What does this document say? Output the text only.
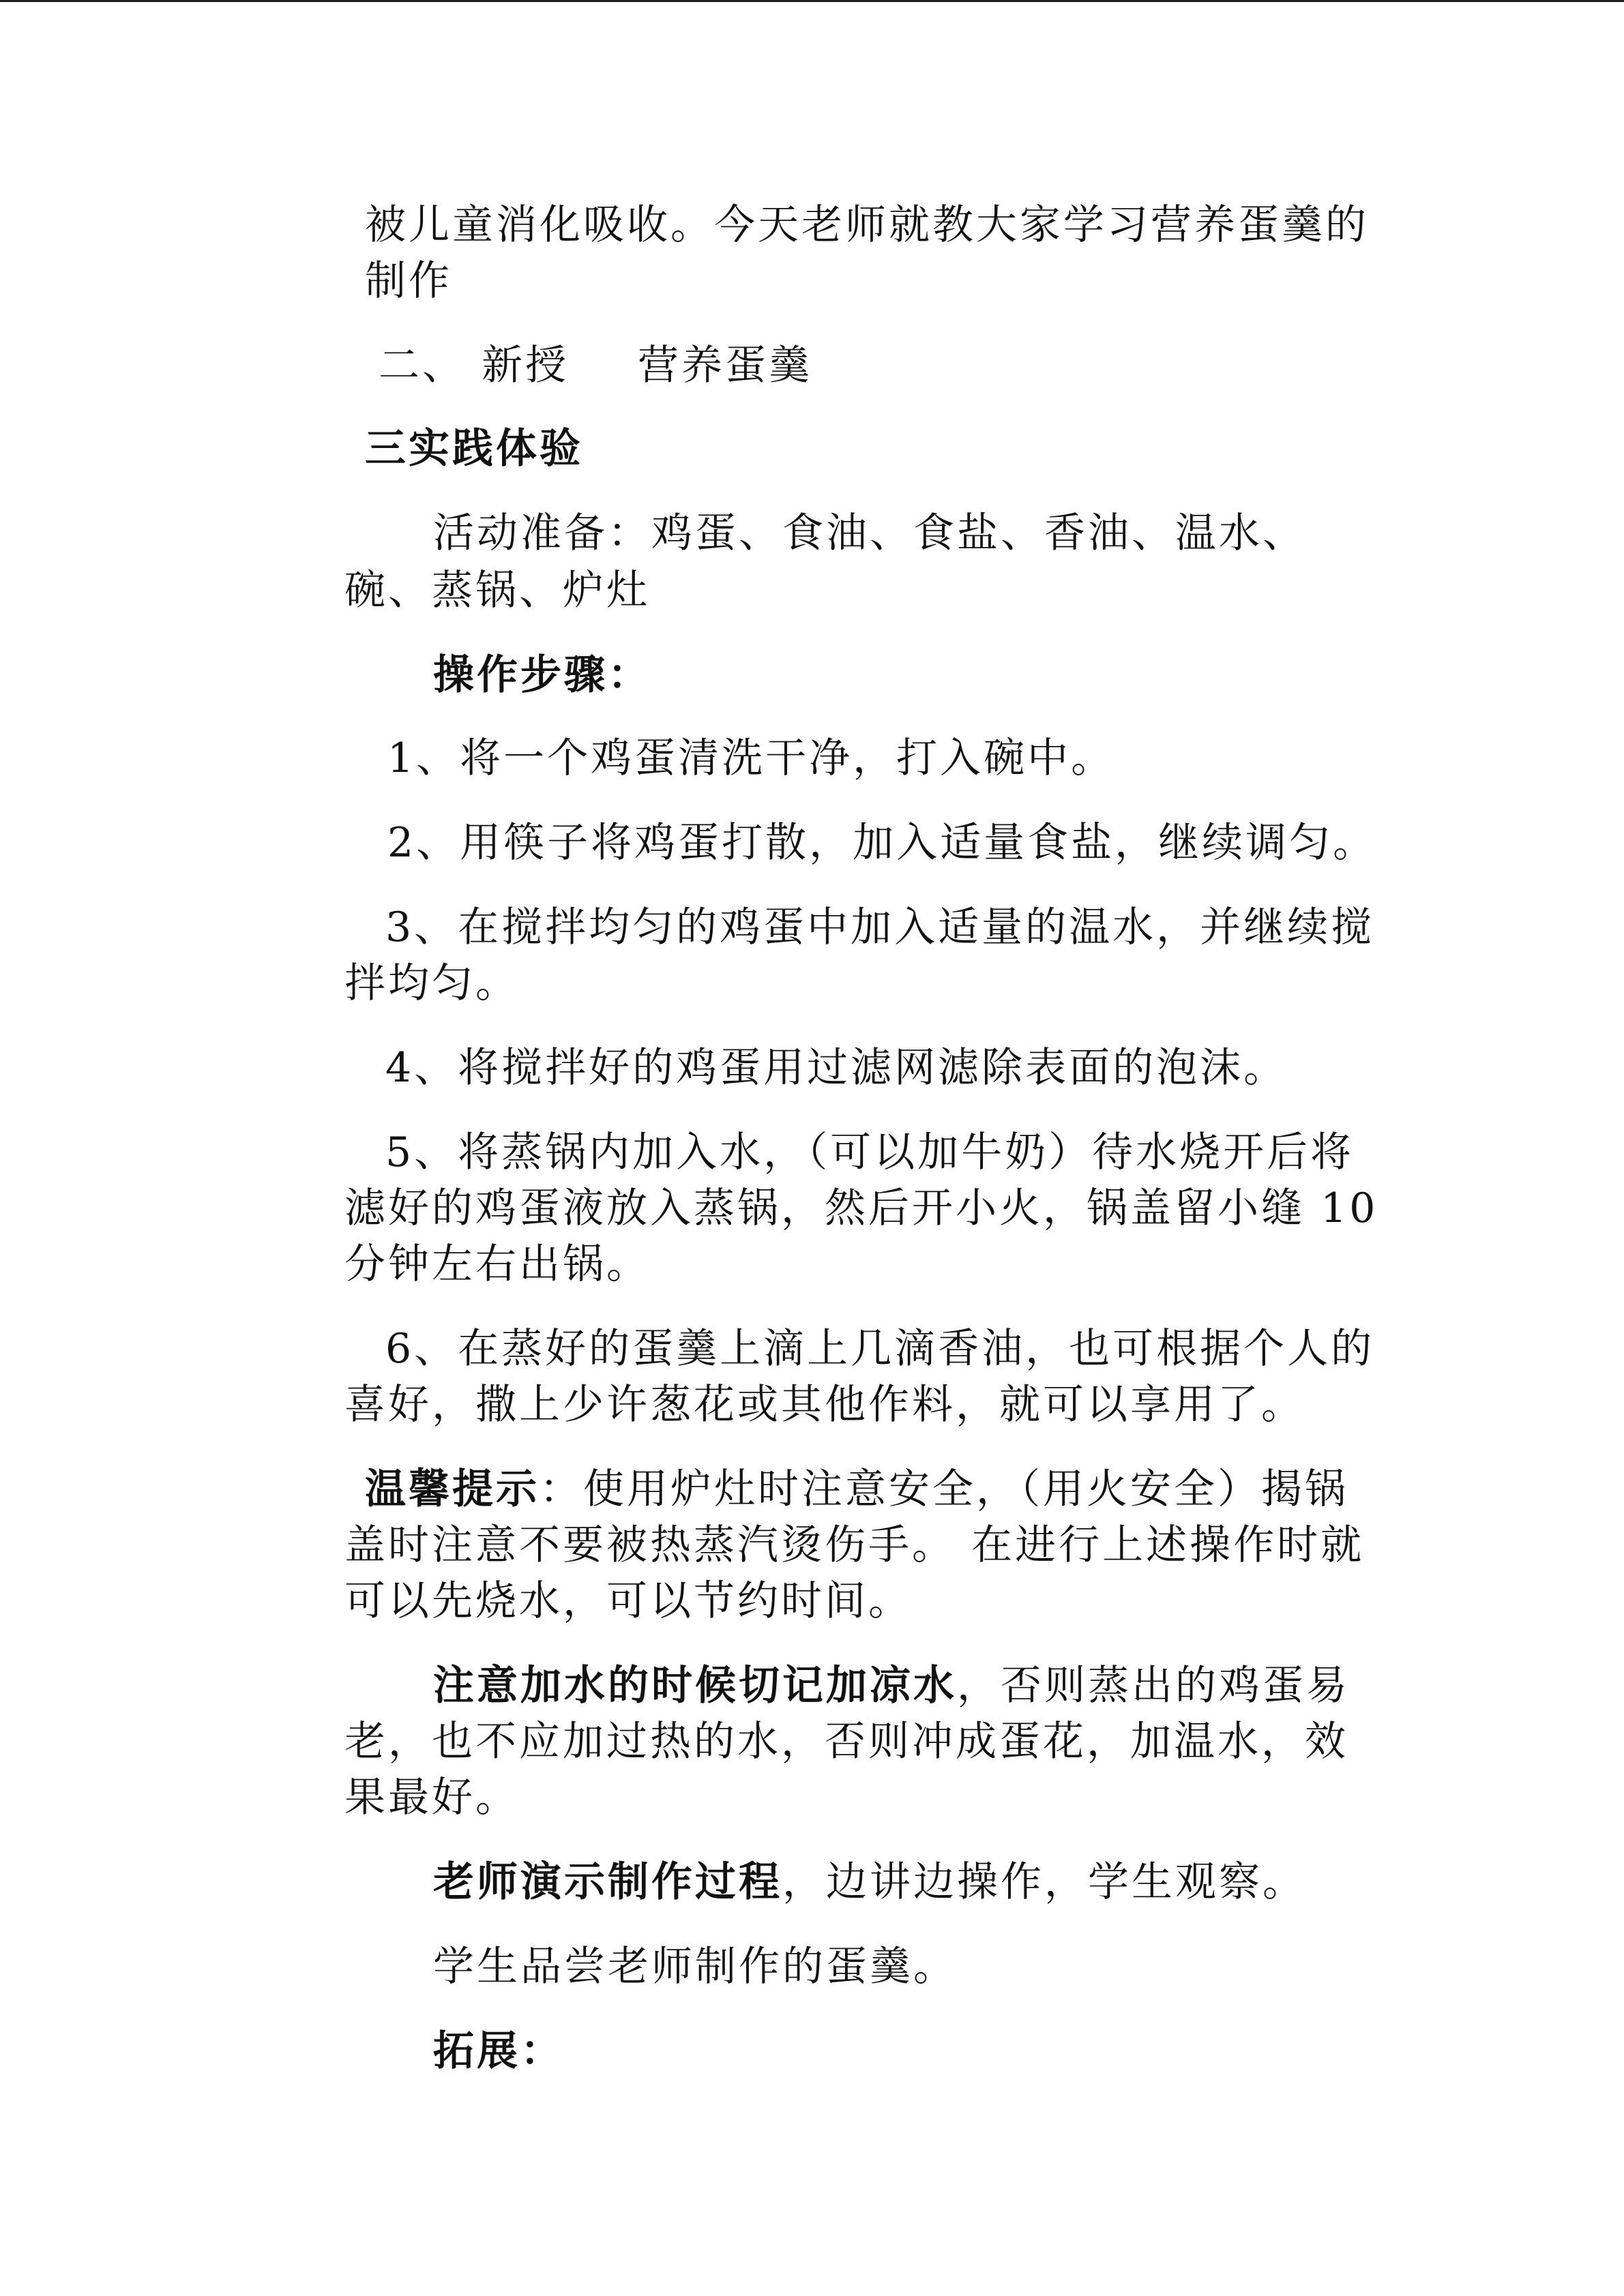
被儿童消化吸收。今天老师就教大家学习营养蛋羹的
制作
二、 新授 营养蛋羹
三实践体验
活动准备：鸡蛋、食油、食盐、香油、温水、
碗、蒸锅、炉灶
操作步骤：
1、将一个鸡蛋清洗干净，打入碗中。
2、用筷子将鸡蛋打散，加入适量食盐，继续调匀。
3、在搅拌均匀的鸡蛋中加入适量的温水，并继续搅
拌均匀。
4、将搅拌好的鸡蛋用过滤网滤除表面的泡沫。
5、将蒸锅内加入水，（可以加牛奶）待水烧开后将
滤好的鸡蛋液放入蒸锅，然后开小火，锅盖留小缝 10
分钟左右出锅。
6、在蒸好的蛋羹上滴上几滴香油，也可根据个人的
喜好，撒上少许葱花或其他作料，就可以享用了。
温馨提示：使用炉灶时注意安全，（用火安全）揭锅
盖时注意不要被热蒸汽烫伤手。 在进行上述操作时就
可以先烧水，可以节约时间。
注意加水的时候切记加凉水，否则蒸出的鸡蛋易
老，也不应加过热的水，否则冲成蛋花，加温水，效
果最好。
老师演示制作过程，边讲边操作，学生观察。
学生品尝老师制作的蛋羹。
拓展：
